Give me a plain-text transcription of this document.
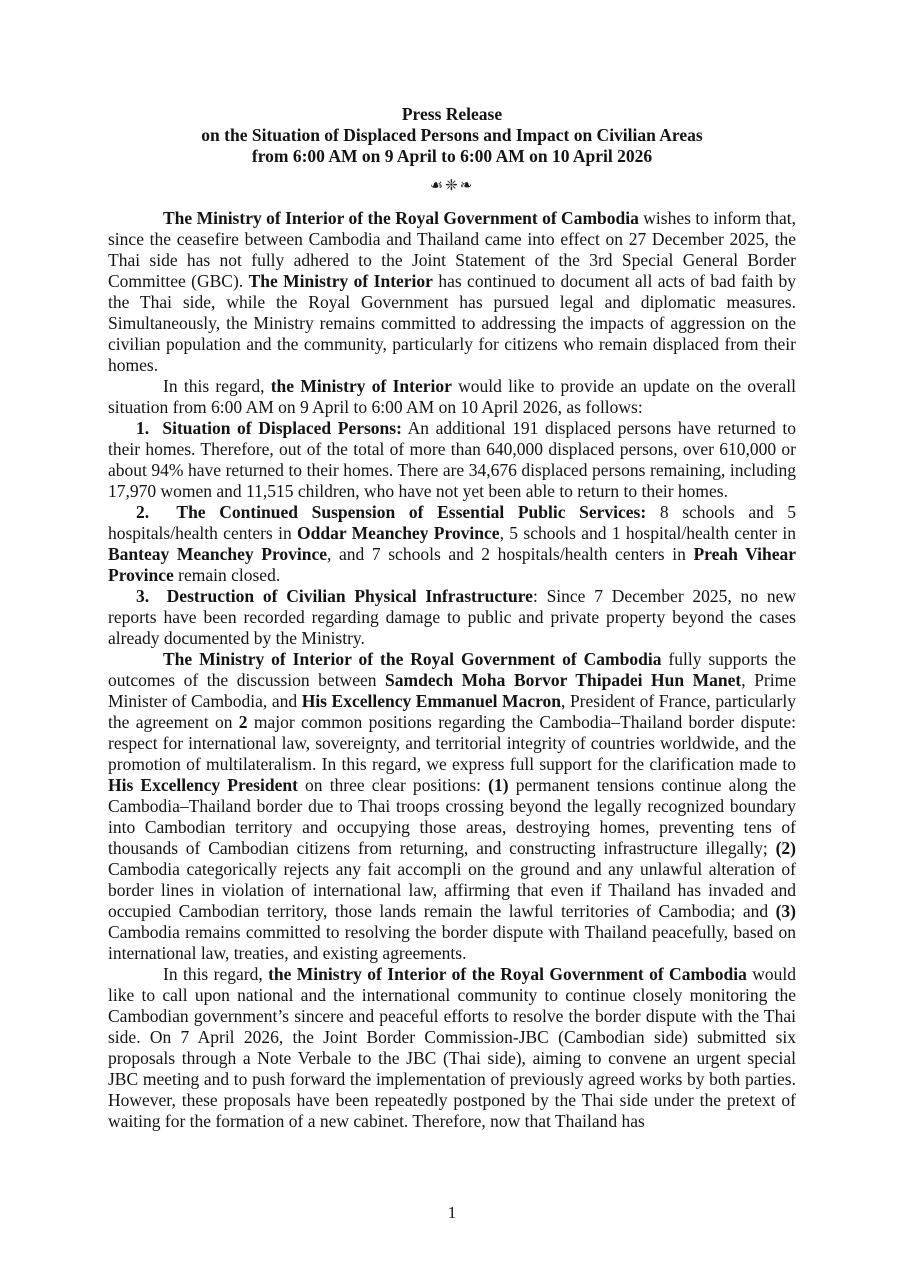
Press Release
on the Situation of Displaced Persons and Impact on Civilian Areas
from 6:00 AM on 9 April to 6:00 AM on 10 April 2026
☙❈❧

The Ministry of Interior of the Royal Government of Cambodia wishes to inform that, since the ceasefire between Cambodia and Thailand came into effect on 27 December 2025, the Thai side has not fully adhered to the Joint Statement of the 3rd Special General Border Committee (GBC). The Ministry of Interior has continued to document all acts of bad faith by the Thai side, while the Royal Government has pursued legal and diplomatic measures. Simultaneously, the Ministry remains committed to addressing the impacts of aggression on the civilian population and the community, particularly for citizens who remain displaced from their homes.

In this regard, the Ministry of Interior would like to provide an update on the overall situation from 6:00 AM on 9 April to 6:00 AM on 10 April 2026, as follows:

1.  Situation of Displaced Persons: An additional 191 displaced persons have returned to their homes. Therefore, out of the total of more than 640,000 displaced persons, over 610,000 or about 94% have returned to their homes. There are 34,676 displaced persons remaining, including 17,970 women and 11,515 children, who have not yet been able to return to their homes.

2.  The Continued Suspension of Essential Public Services: 8 schools and 5 hospitals/health centers in Oddar Meanchey Province, 5 schools and 1 hospital/health center in Banteay Meanchey Province, and 7 schools and 2 hospitals/health centers in Preah Vihear Province remain closed.

3.  Destruction of Civilian Physical Infrastructure: Since 7 December 2025, no new reports have been recorded regarding damage to public and private property beyond the cases already documented by the Ministry.

The Ministry of Interior of the Royal Government of Cambodia fully supports the outcomes of the discussion between Samdech Moha Borvor Thipadei Hun Manet, Prime Minister of Cambodia, and His Excellency Emmanuel Macron, President of France, particularly the agreement on 2 major common positions regarding the Cambodia–Thailand border dispute: respect for international law, sovereignty, and territorial integrity of countries worldwide, and the promotion of multilateralism. In this regard, we express full support for the clarification made to His Excellency President on three clear positions: (1) permanent tensions continue along the Cambodia–Thailand border due to Thai troops crossing beyond the legally recognized boundary into Cambodian territory and occupying those areas, destroying homes, preventing tens of thousands of Cambodian citizens from returning, and constructing infrastructure illegally; (2) Cambodia categorically rejects any fait accompli on the ground and any unlawful alteration of border lines in violation of international law, affirming that even if Thailand has invaded and occupied Cambodian territory, those lands remain the lawful territories of Cambodia; and (3) Cambodia remains committed to resolving the border dispute with Thailand peacefully, based on international law, treaties, and existing agreements.

In this regard, the Ministry of Interior of the Royal Government of Cambodia would like to call upon national and the international community to continue closely monitoring the Cambodian government’s sincere and peaceful efforts to resolve the border dispute with the Thai side. On 7 April 2026, the Joint Border Commission-JBC (Cambodian side) submitted six proposals through a Note Verbale to the JBC (Thai side), aiming to convene an urgent special JBC meeting and to push forward the implementation of previously agreed works by both parties. However, these proposals have been repeatedly postponed by the Thai side under the pretext of waiting for the formation of a new cabinet. Therefore, now that Thailand has

1
